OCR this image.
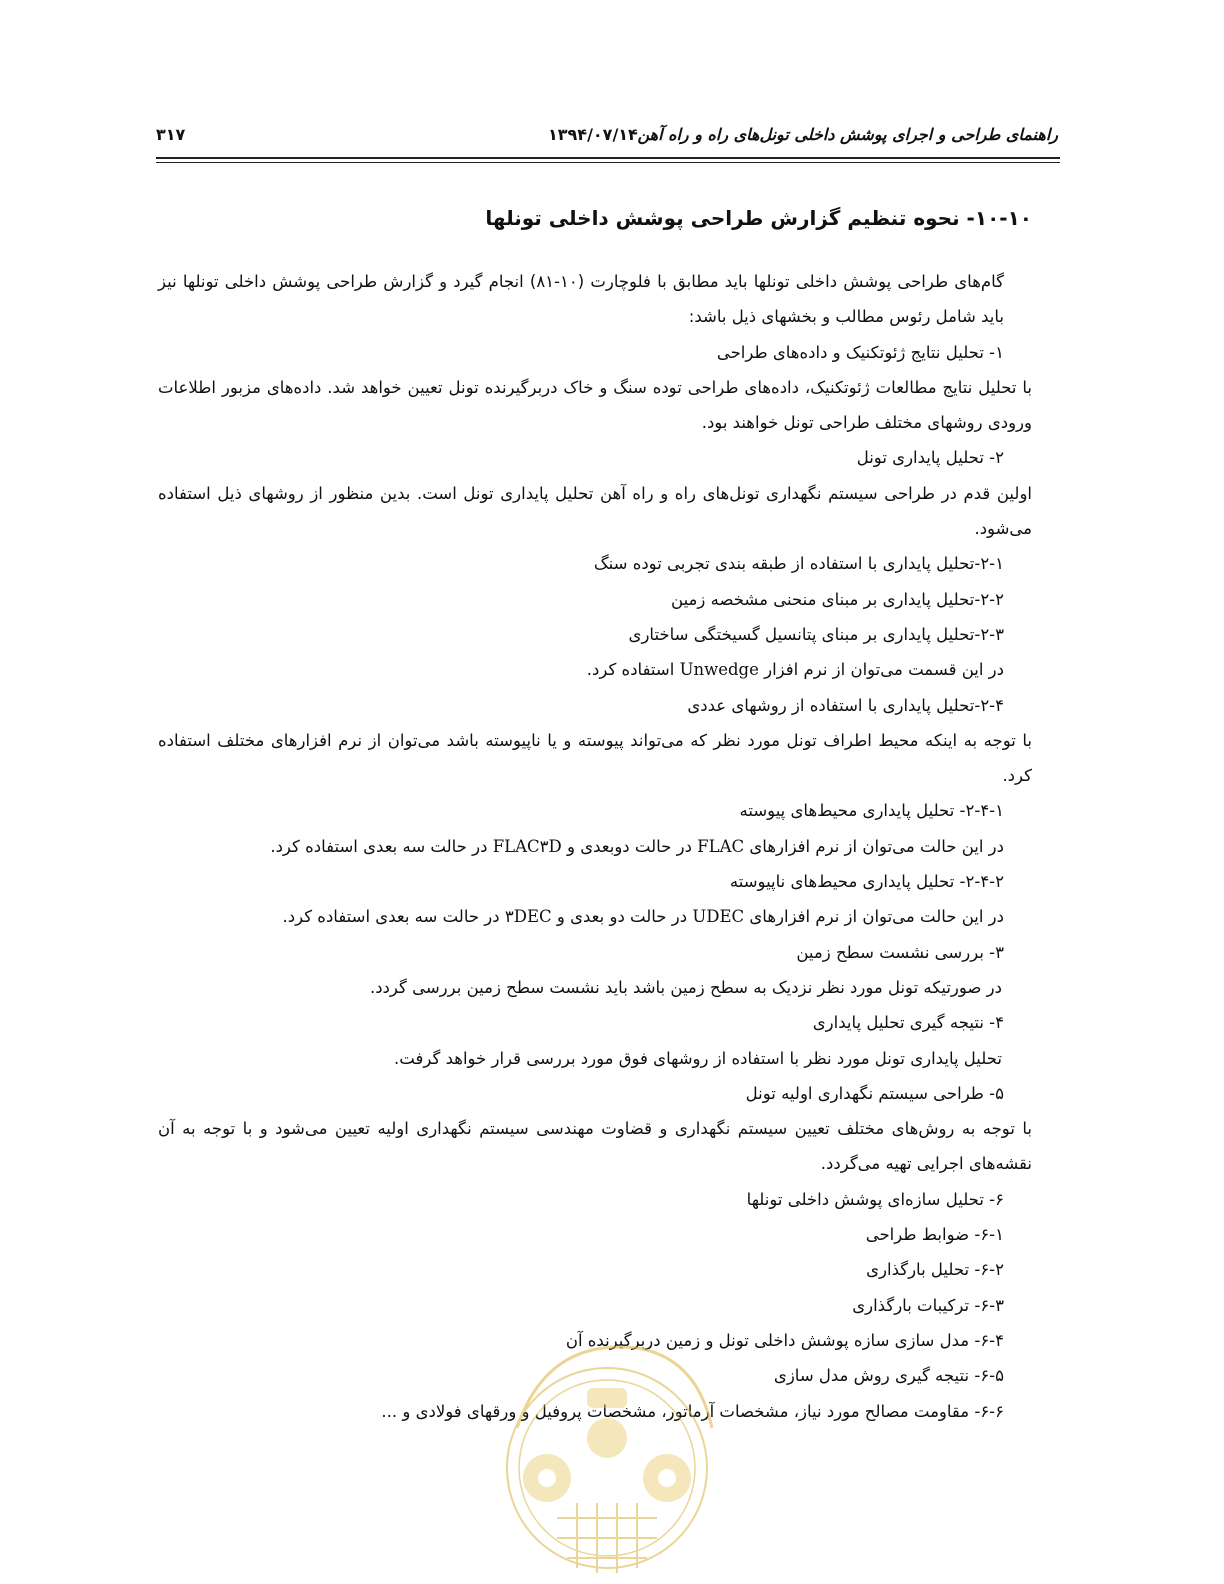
راهنمای طراحی و اجرای پوشش داخلی تونل‌های راه و راه آهن
۱۳۹۴/۰۷/۱۴
۳۱۷
۱۰-۱۰- نحوه تنظیم گزارش طراحی پوشش داخلی تونلها

گام‌های طراحی پوشش داخلی تونلها باید مطابق با فلوچارت (۱۰-۸۱) انجام گیرد و گزارش طراحی پوشش داخلی تونلها نیز باید شامل رئوس مطالب و بخشهای ذیل باشد:

۱- تحلیل نتایج ژئوتکنیک و داده‌های طراحی

با تحلیل نتایج مطالعات ژئوتکنیک، داده‌های طراحی توده سنگ و خاک دربرگیرنده تونل تعیین خواهد شد. داده‌های مزبور اطلاعات ورودی روشهای مختلف طراحی تونل خواهند بود.

۲- تحلیل پایداری تونل

اولین قدم در طراحی سیستم نگهداری تونل‌های راه و راه آهن تحلیل پایداری تونل است. بدین منظور از روشهای ذیل استفاده می‌شود.

۲-۱-تحلیل پایداری با استفاده از طبقه بندی تجربی توده سنگ

۲-۲-تحلیل پایداری بر مبنای منحنی مشخصه زمین

۲-۳-تحلیل پایداری بر مبنای پتانسیل گسیختگی ساختاری

در این قسمت می‌توان از نرم افزار Unwedge استفاده کرد.

۲-۴-تحلیل پایداری با استفاده از روشهای عددی

با توجه به اینکه محیط اطراف تونل مورد نظر که می‌تواند پیوسته و یا ناپیوسته باشد می‌توان از نرم افزارهای مختلف استفاده کرد.

۲-۴-۱- تحلیل پایداری محیط‌های پیوسته

در این حالت می‌توان از نرم افزارهای FLAC در حالت دوبعدی و FLAC۳D در حالت سه بعدی استفاده کرد.

۲-۴-۲- تحلیل پایداری محیط‌های ناپیوسته

در این حالت می‌توان از نرم افزارهای UDEC در حالت دو بعدی و ۳DEC در حالت سه بعدی استفاده کرد.

۳- بررسی نشست سطح زمین

در صورتیکه تونل مورد نظر نزدیک به سطح زمین باشد باید نشست سطح زمین بررسی گردد.

۴- نتیجه گیری تحلیل پایداری

تحلیل پایداری تونل مورد نظر با استفاده از روشهای فوق مورد بررسی قرار خواهد گرفت.

۵- طراحی سیستم نگهداری اولیه تونل

با توجه به روش‌های مختلف تعیین سیستم نگهداری و قضاوت مهندسی سیستم نگهداری اولیه تعیین می‌شود و با توجه به آن نقشه‌های اجرایی تهیه می‌گردد.

۶- تحلیل سازه‌ای پوشش داخلی تونلها

۶-۱- ضوابط طراحی

۶-۲- تحلیل بارگذاری

۶-۳- ترکیبات بارگذاری

۶-۴- مدل سازی سازه پوشش داخلی تونل و زمین دربرگیرنده آن

۶-۵- نتیجه گیری روش مدل سازی

۶-۶- مقاومت مصالح مورد نیاز، مشخصات آرماتور، مشخصات پروفیل و ورقهای فولادی و ...
